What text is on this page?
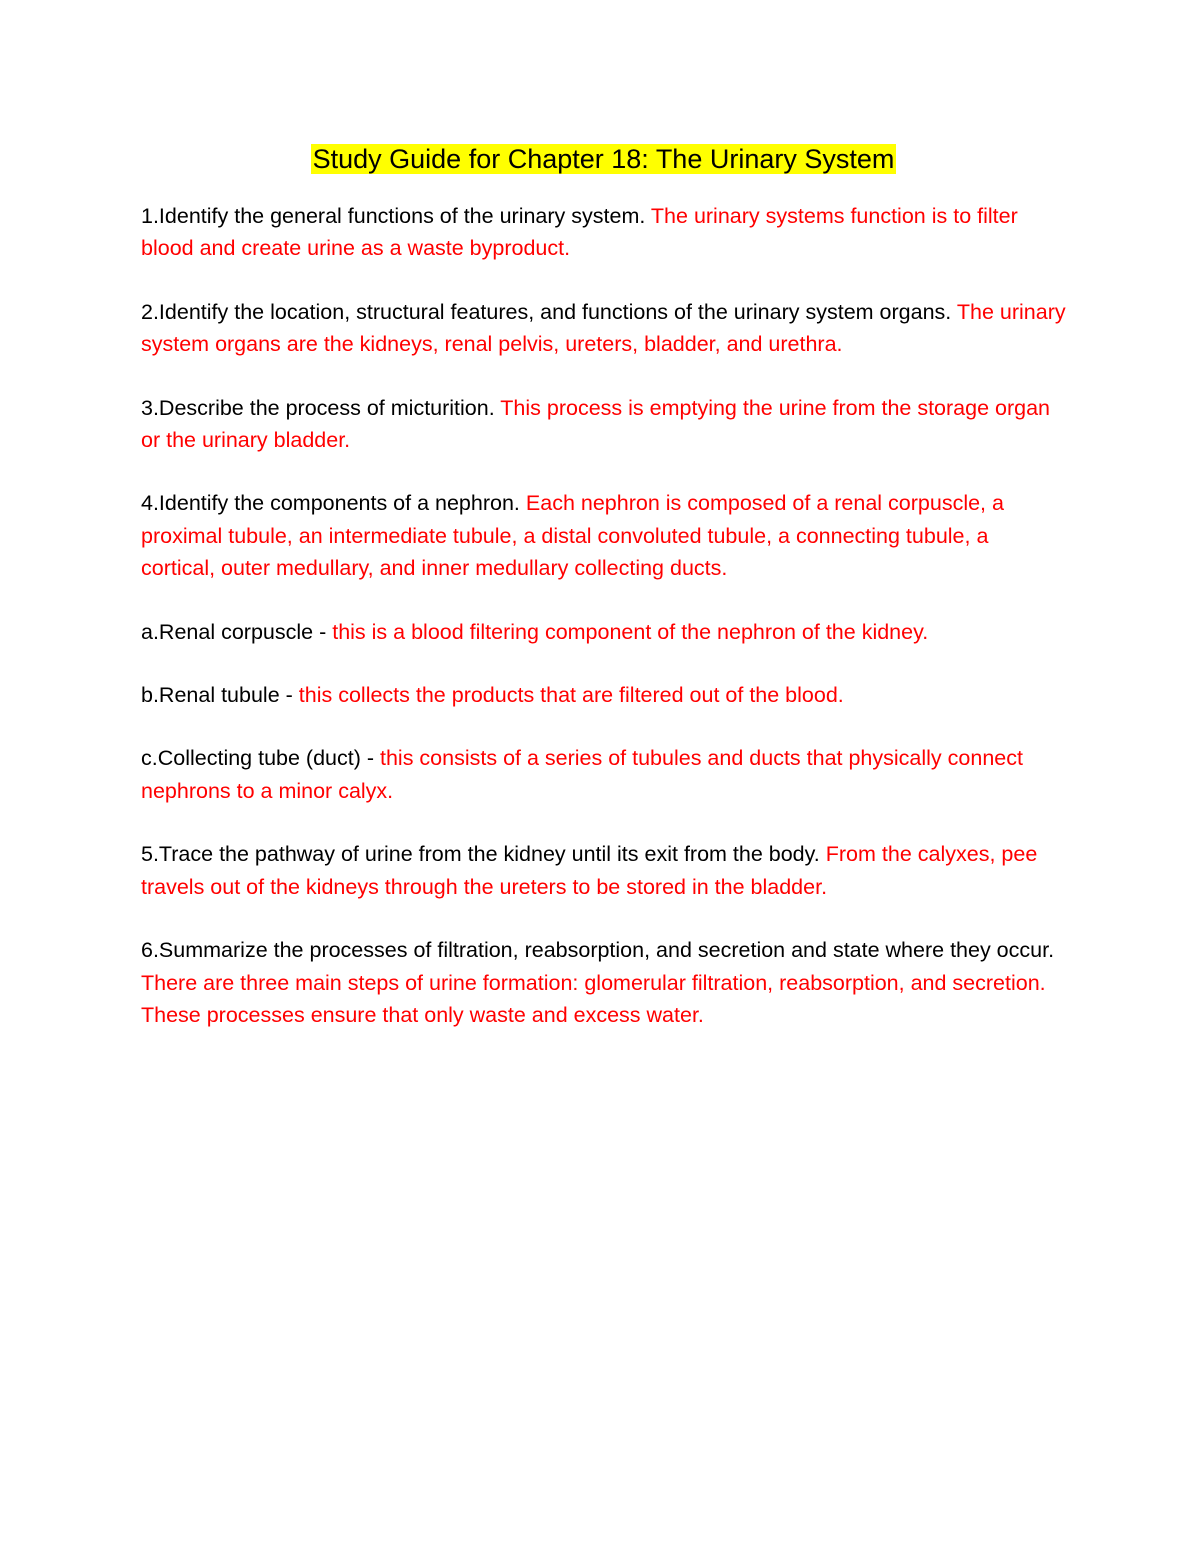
Study Guide for Chapter 18: The Urinary System

1.Identify the general functions of the urinary system. The urinary systems function is to filter blood and create urine as a waste byproduct.

2.Identify the location, structural features, and functions of the urinary system organs. The urinary system organs are the kidneys, renal pelvis, ureters, bladder, and urethra.

3.Describe the process of micturition. This process is emptying the urine from the storage organ or the urinary bladder.

4.Identify the components of a nephron. Each nephron is composed of a renal corpuscle, a proximal tubule, an intermediate tubule, a distal convoluted tubule, a connecting tubule, a cortical, outer medullary, and inner medullary collecting ducts.

a.Renal corpuscle - this is a blood filtering component of the nephron of the kidney.

b.Renal tubule - this collects the products that are filtered out of the blood.

c.Collecting tube (duct) - this consists of a series of tubules and ducts that physically connect nephrons to a minor calyx.

5.Trace the pathway of urine from the kidney until its exit from the body. From the calyxes, pee travels out of the kidneys through the ureters to be stored in the bladder.

6.Summarize the processes of filtration, reabsorption, and secretion and state where they occur. There are three main steps of urine formation: glomerular filtration, reabsorption, and secretion. These processes ensure that only waste and excess water.
